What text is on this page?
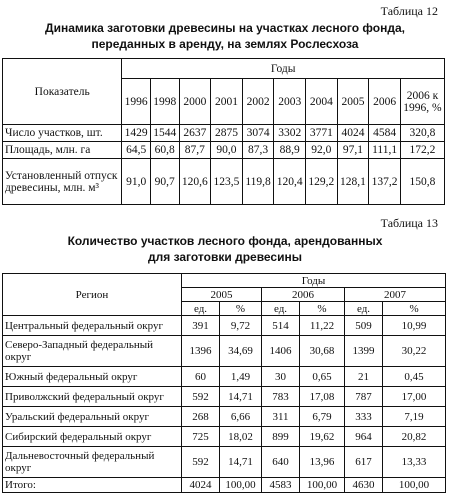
Таблица 12
Динамика заготовки древесины на участках лесного фонда,
переданных в аренду, на землях Рослесхоза
Показатель	Годы									
	1996	1998	2000	2001	2002	2003	2004	2005	2006	2006 к 1996, %
Число участков, шт.	1429	1544	2637	2875	3074	3302	3771	4024	4584	320,8
Площадь, млн. га	64,5	60,8	87,7	90,0	87,3	88,9	92,0	97,1	111,1	172,2
Установленный отпуск древесины, млн. м³	91,0	90,7	120,6	123,5	119,8	120,4	129,2	128,1	137,2	150,8
Таблица 13
Количество участков лесного фонда, арендованных
для заготовки древесины
Регион	Годы					
	2005		2006		2007	
	ед.	%	ед.	%	ед.	%
Центральный федеральный округ	391	9,72	514	11,22	509	10,99
Северо-Западный федеральный округ	1396	34,69	1406	30,68	1399	30,22
Южный федеральный округ	60	1,49	30	0,65	21	0,45
Приволжский федеральный округ	592	14,71	783	17,08	787	17,00
Уральский федеральный округ	268	6,66	311	6,79	333	7,19
Сибирский федеральный округ	725	18,02	899	19,62	964	20,82
Дальневосточный федеральный округ	592	14,71	640	13,96	617	13,33
Итого:	4024	100,00	4583	100,00	4630	100,00
